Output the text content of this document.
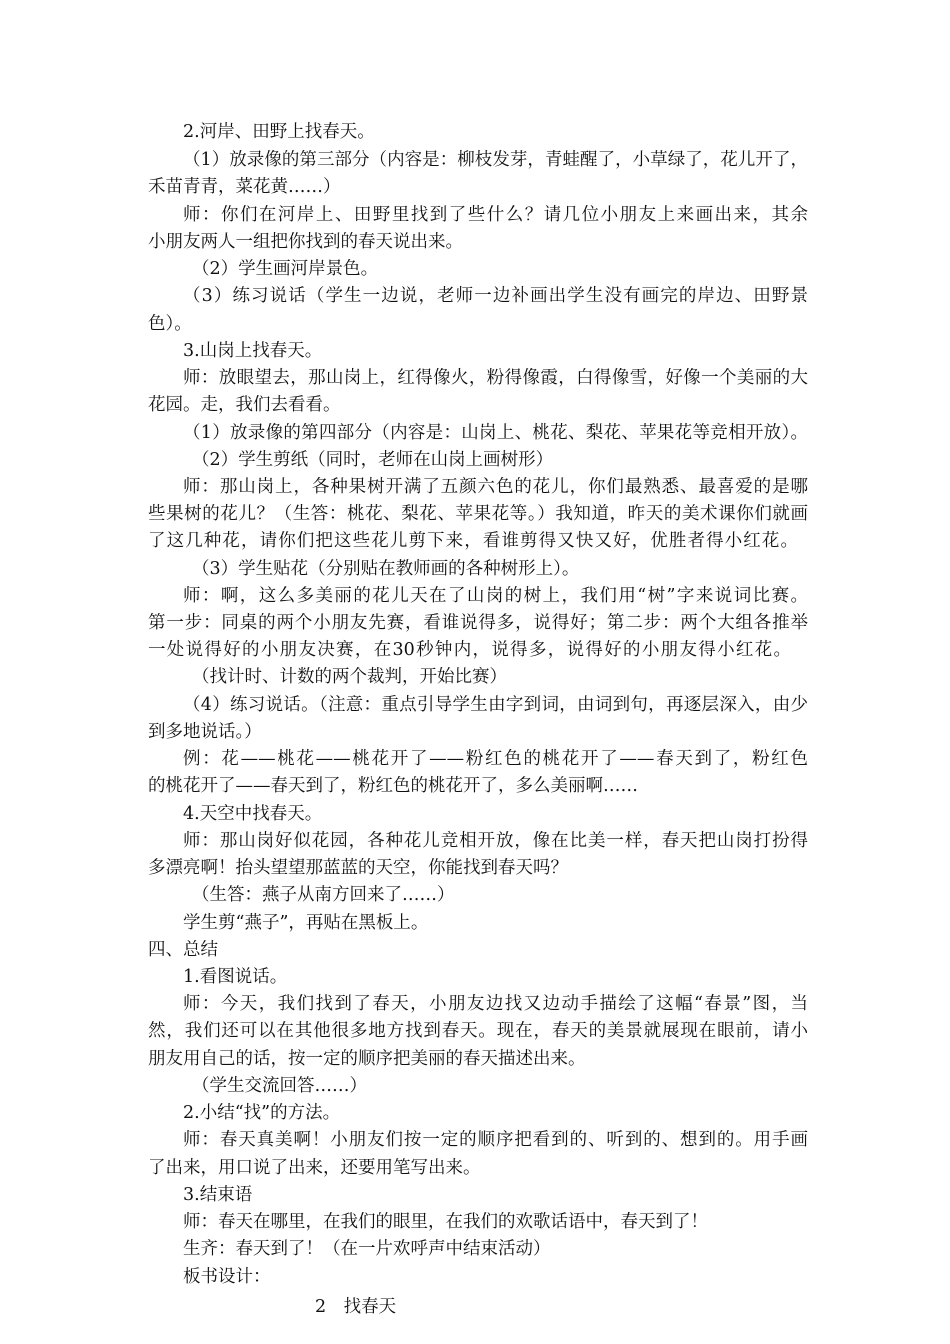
2.河岸、田野上找春天。
（1）放录像的第三部分（内容是：柳枝发芽，青蛙醒了，小草绿了，花儿开了，
禾苗青青，菜花黄……）
师：你们在河岸上、田野里找到了些什么？请几位小朋友上来画出来，其余
小朋友两人一组把你找到的春天说出来。
（2）学生画河岸景色。
（3）练习说话（学生一边说，老师一边补画出学生没有画完的岸边、田野景
色）。
3.山岗上找春天。
师：放眼望去，那山岗上，红得像火，粉得像霞，白得像雪，好像一个美丽的大
花园。走，我们去看看。
（1）放录像的第四部分（内容是：山岗上、桃花、梨花、苹果花等竞相开放）。
（2）学生剪纸（同时，老师在山岗上画树形）
师：那山岗上，各种果树开满了五颜六色的花儿，你们最熟悉、最喜爱的是哪
些果树的花儿？（生答：桃花、梨花、苹果花等。）我知道，昨天的美术课你们就画
了这几种花，请你们把这些花儿剪下来，看谁剪得又快又好，优胜者得小红花。
（3）学生贴花（分别贴在教师画的各种树形上）。
师：啊，这么多美丽的花儿天在了山岗的树上，我们用“树”字来说词比赛。
第一步：同桌的两个小朋友先赛，看谁说得多，说得好；第二步：两个大组各推举
一处说得好的小朋友决赛，在30秒钟内，说得多，说得好的小朋友得小红花。
（找计时、计数的两个裁判，开始比赛）
（4）练习说话。（注意：重点引导学生由字到词，由词到句，再逐层深入，由少
到多地说话。）
例：花——桃花——桃花开了——粉红色的桃花开了——春天到了，粉红色
的桃花开了——春天到了，粉红色的桃花开了，多么美丽啊……
4.天空中找春天。
师：那山岗好似花园，各种花儿竞相开放，像在比美一样，春天把山岗打扮得
多漂亮啊！抬头望望那蓝蓝的天空，你能找到春天吗？
（生答：燕子从南方回来了……）
学生剪“燕子”，再贴在黑板上。
四、总结
1.看图说话。
师：今天，我们找到了春天，小朋友边找又边动手描绘了这幅“春景”图，当
然，我们还可以在其他很多地方找到春天。现在，春天的美景就展现在眼前，请小
朋友用自己的话，按一定的顺序把美丽的春天描述出来。
（学生交流回答……）
2.小结“找”的方法。
师：春天真美啊！小朋友们按一定的顺序把看到的、听到的、想到的。用手画
了出来，用口说了出来，还要用笔写出来。
3.结束语
师：春天在哪里，在我们的眼里，在我们的欢歌话语中，春天到了！
生齐：春天到了！（在一片欢呼声中结束活动）
板书设计：
2　找春天
